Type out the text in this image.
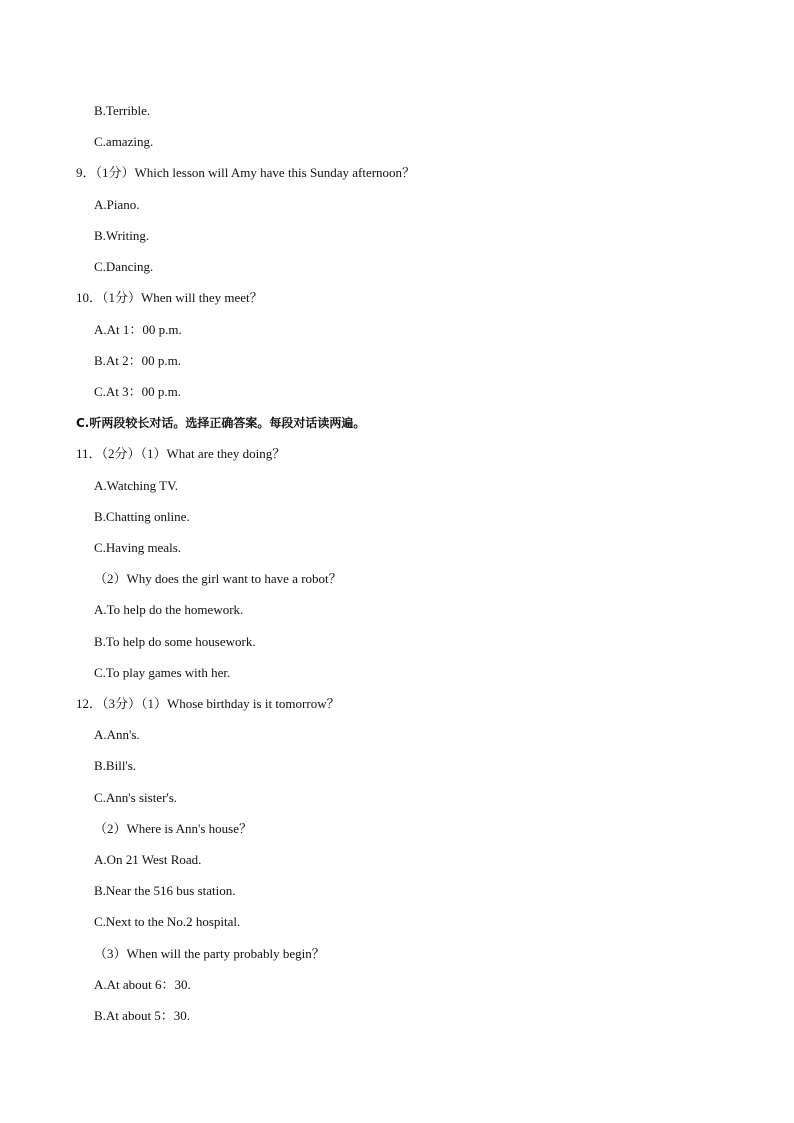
B.Terrible.
C.amazing.
9．（1分）Which lesson will Amy have this Sunday afternoon？
A.Piano.
B.Writing.
C.Dancing.
10．（1分）When will they meet？
A.At 1：00 p.m.
B.At 2：00 p.m.
C.At 3：00 p.m.
C.听两段较长对话。选择正确答案。每段对话读两遍。
11．（2分）（1）What are they doing？
A.Watching TV.
B.Chatting online.
C.Having meals.
（2）Why does the girl want to have a robot？
A.To help do the homework.
B.To help do some housework.
C.To play games with her.
12．（3分）（1）Whose birthday is it tomorrow？
A.Ann's.
B.Bill's.
C.Ann's sister's.
（2）Where is Ann's house？
A.On 21 West Road.
B.Near the 516 bus station.
C.Next to the No.2 hospital.
（3）When will the party probably begin？
A.At about 6：30.
B.At about 5：30.
